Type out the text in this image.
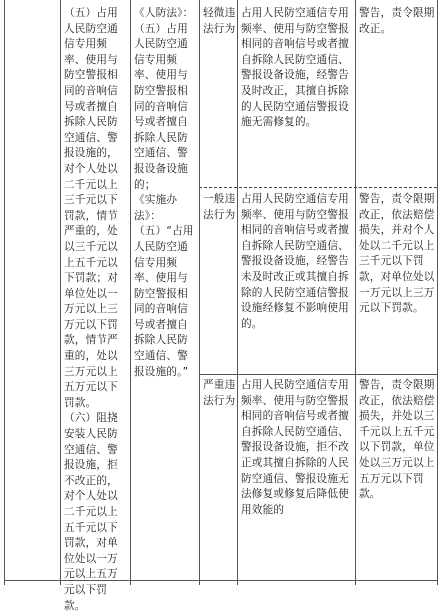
（五）占用人民防空通信专用频率、使用与防空警报相同的音响信号或者擅自拆除人民防空通信、警报设施的，对个人处以二千元以上三千元以下罚款，情节严重的，处以三千元以上五千元以下罚款；对单位处以一万元以上三万元以下罚款，情节严重的，处以三万元以上五万元以下罚款。
（六）阻挠安装人民防空通信、警报设施，拒不改正的，对个人处以二千元以上五千元以下罚款，对单位处以一万元以上五万元以下罚款。
《人防法》：（五）占用人民防空通信专用频率、使用与防空警报相同的音响信号或者擅自拆除人民防空通信、警报设备设施的；
《实施办法》：（五）“占用人民防空通信专用频率、使用与防空警报相同的音响信号或者擅自拆除人民防空通信、警报设施的。”
轻微违法行为
占用人民防空通信专用频率、使用与防空警报相同的音响信号或者擅自拆除人民防空通信、警报设备设施，经警告及时改正，其擅自拆除的人民防空通信警报设施无需修复的。
警告，责令限期改正。
一般违法行为
占用人民防空通信专用频率、使用与防空警报相同的音响信号或者擅自拆除人民防空通信、警报设备设施，经警告未及时改正或其擅自拆除的人民防空通信警报设施经修复不影响使用的。
警告，责令限期改正，依法赔偿损失，并对个人处以二千元以上三千元以下罚款，对单位处以一万元以上三万元以下罚款。
严重违法行为
占用人民防空通信专用频率、使用与防空警报相同的音响信号或者擅自拆除人民防空通信、警报设备设施，拒不改正或其擅自拆除的人民防空通信、警报设施无法修复或修复后降低使用效能的
警告，责令限期改正，依法赔偿损失，并处以三千元以上五千元以下罚款，单位处以三万元以上五万元以下罚款。
